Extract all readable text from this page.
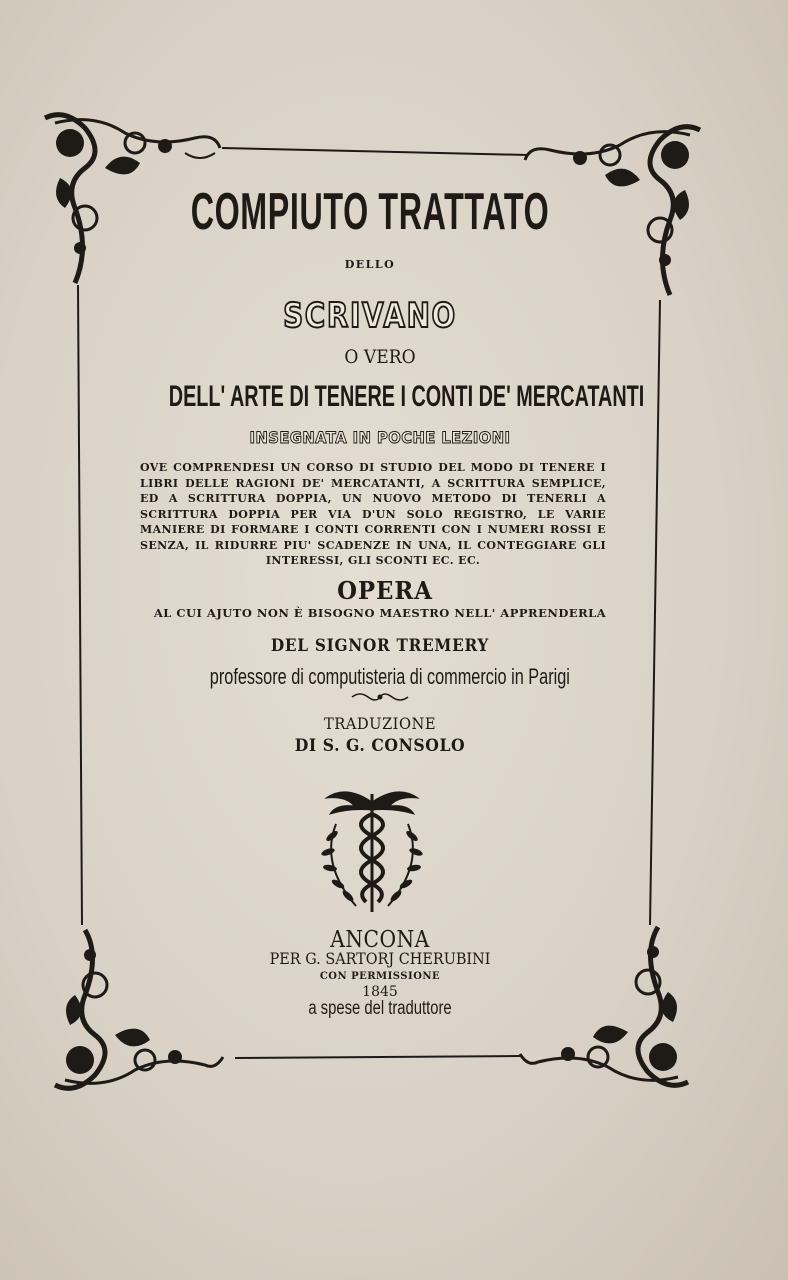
COMPIUTO TRATTATO
DELLO
SCRIVANO
O VERO
DELL' ARTE DI TENERE I CONTI DE' MERCATANTI
INSEGNATA IN POCHE LEZIONI
OVE COMPRENDESI UN CORSO DI STUDIO DEL MODO DI TENERE I LIBRI DELLE RAGIONI DE' MERCATANTI, A SCRITTURA SEMPLICE, ED A SCRITTURA DOPPIA, UN NUOVO METODO DI TENERLI A SCRITTURA DOPPIA PER VIA D'UN SOLO REGISTRO, LE VARIE MANIERE DI FORMARE I CONTI CORRENTI CON I NUMERI ROSSI E SENZA, IL RIDURRE PIU' SCADENZE IN UNA, IL CONTEGGIARE GLI INTERESSI, GLI SCONTI EC. EC.
OPERA
AL CUI AJUTO NON È BISOGNO MAESTRO NELL' APPRENDERLA
DEL SIGNOR TREMERY
professore di computisteria di commercio in Parigi
TRADUZIONE
DI S. G. CONSOLO
ANCONA
PER G. SARTORJ CHERUBINI
CON PERMISSIONE
1845
a spese del traduttore
